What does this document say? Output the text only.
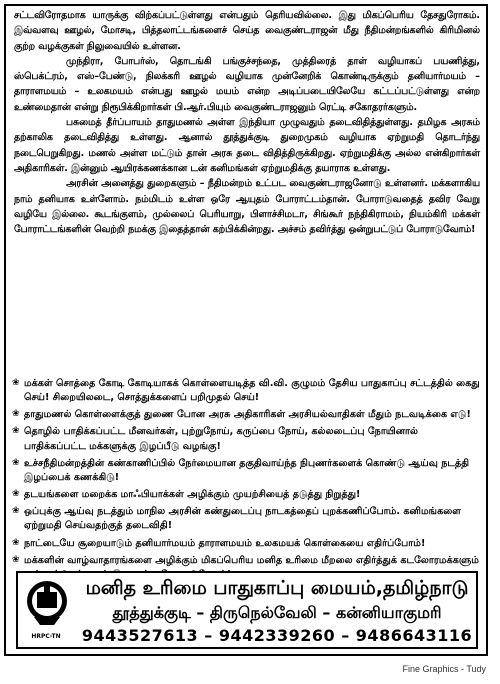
சட்டவிரோதமாக யாருக்கு விற்கப்பட்டுள்ளது என்பதும் தெரியவில்லை. இது மிகப்பெரிய தேசதுரோகம். இவ்வளவு ஊழல், மோசடி, பித்தலாட்டங்களைச் செய்த வைகுண்டராஜன் மீது நீதிமன்றங்களில் கிரிமினல் குற்ற வழக்குகள் நிலுவையில் உள்ளன.

முந்திரா, போபர்ஸ், தொடங்கி பங்குச்சந்தை, முத்திரைத் தாள் வழியாகப் பயணித்து, ஸ்பெக்ட்ரம், எஸ்–பேண்டு, நிலக்கரி ஊழல் வழியாக முன்னேறிக் கொண்டிருக்கும் தனியார்மயம் – தாராளமயம் – உலகமயம் என்பது ஊழல் மயம் என்ற அடிப்படையிலேயே கட்டப்பட்டுள்ளது என்ற உண்மைதான் என்று நிரூபிக்கிறார்கள் பி.ஆர்.பியும் வைகுண்டராஜனும் ரெட்டி சகோதரர்களும்.

பசுமைத் தீர்ப்பாயம் தாதுமணல் அள்ள இந்தியா முழுவதும் தடைவிதித்துள்ளது. தமிழக அரசும் தற்காலிக தடைவிதித்து உள்ளது. ஆனால் தூத்துக்குடி துறைமுகம் வழியாக ஏற்றுமதி தொடர்ந்து நடைபெறுகிறது. மணல் அள்ள மட்டும் தான் அரசு தடை விதித்திருக்கிறது. ஏற்றுமதிக்கு அல்ல என்கிறார்கள் அதிகாரிகள். இன்னும் ஆயிரக்கணக்கான டன் கனிமங்கள் ஏற்றுமதிக்கு தயாராக உள்ளது.

அரசின் அனைத்து துறைகளும் – நீதிமன்றம் உட்பட வைகுண்டராஜனோடு உள்ளனர். மக்களாகிய நாம் தனியாக உள்ளோம். நம்மிடம் உள்ள ஒரே ஆயுதம் போராட்டம்தான். போராடுவதைத் தவிர வேறு வழியே இல்லை. கூடங்குளம், முல்லைப் பெரியாறு, பிளாச்சிமடா, சிங்கூர் நந்திகிராமம், நியம்கிரி மக்கள் போராட்டங்களின் வெற்றி நமக்கு இதைத்தான் கற்பிக்கின்றது. அச்சம் தவிர்த்து ஒன்றுபட்டுப் போராடுவோம்!

❀ மக்கள் சொத்தை கோடி கோடியாகக் கொள்ளையடித்த வி.வி. குழுமம் தேசிய பாதுகாப்பு சட்டத்தில் கைது செய்! சிறையிலடை, சொத்துக்களைப் பறிமுதல் செய்!
❀ தாதுமணல் கொள்ளைக்குத் துணை போன அரசு அதிகாரிகள் அரசியல்வாதிகள் மீதும் நடவடிக்கை எடு!
❀ தொழில் பாதிக்கப்பட்ட மீனவர்கள், புற்றுநோய், கருப்பை நோய், கல்லடைப்பு நோயினால் பாதிக்கப்பட்ட மக்களுக்கு இழப்பீடு வழங்கு!
❀ உச்சநீதிமன்றத்தின் கண்காணிப்பில் நேர்மையான தகுதிவாய்ந்த நிபுணர்களைக் கொண்டு ஆய்வு நடத்தி இழப்பைக் கணக்கிடு!
❀ தடயங்களை மறைக்க மாஃபியாக்கள் அழிக்கும் முயற்சியைத் தடுத்து நிறுத்து!
❀ ஒப்புக்கு ஆய்வு நடத்தும் மாநில அரசின் கண்துடைப்பு நாடகத்தைப் புறக்கணிப்போம். கனிமங்களை ஏற்றுமதி செய்வதற்குத் தடைவிதி!
❀ நாட்டையே சூறையாடும் தனியார்மயம் தாராளமயம் உலகமயக் கொள்கையை எதிர்ப்போம்!
❀ மக்களின் வாழ்வாதாரங்களை அழிக்கும் மிகப்பெரிய மனித உரிமை மீறலை எதிர்த்துக் கடலோரமக்களும்
HRPC-TN
மனித உரிமை பாதுகாப்பு மையம்,தமிழ்நாடு
தூத்துக்குடி – திருநெல்வேலி – கன்னியாகுமரி
9443527613 – 9442339260 – 9486643116
Fine Graphics - Tudy
